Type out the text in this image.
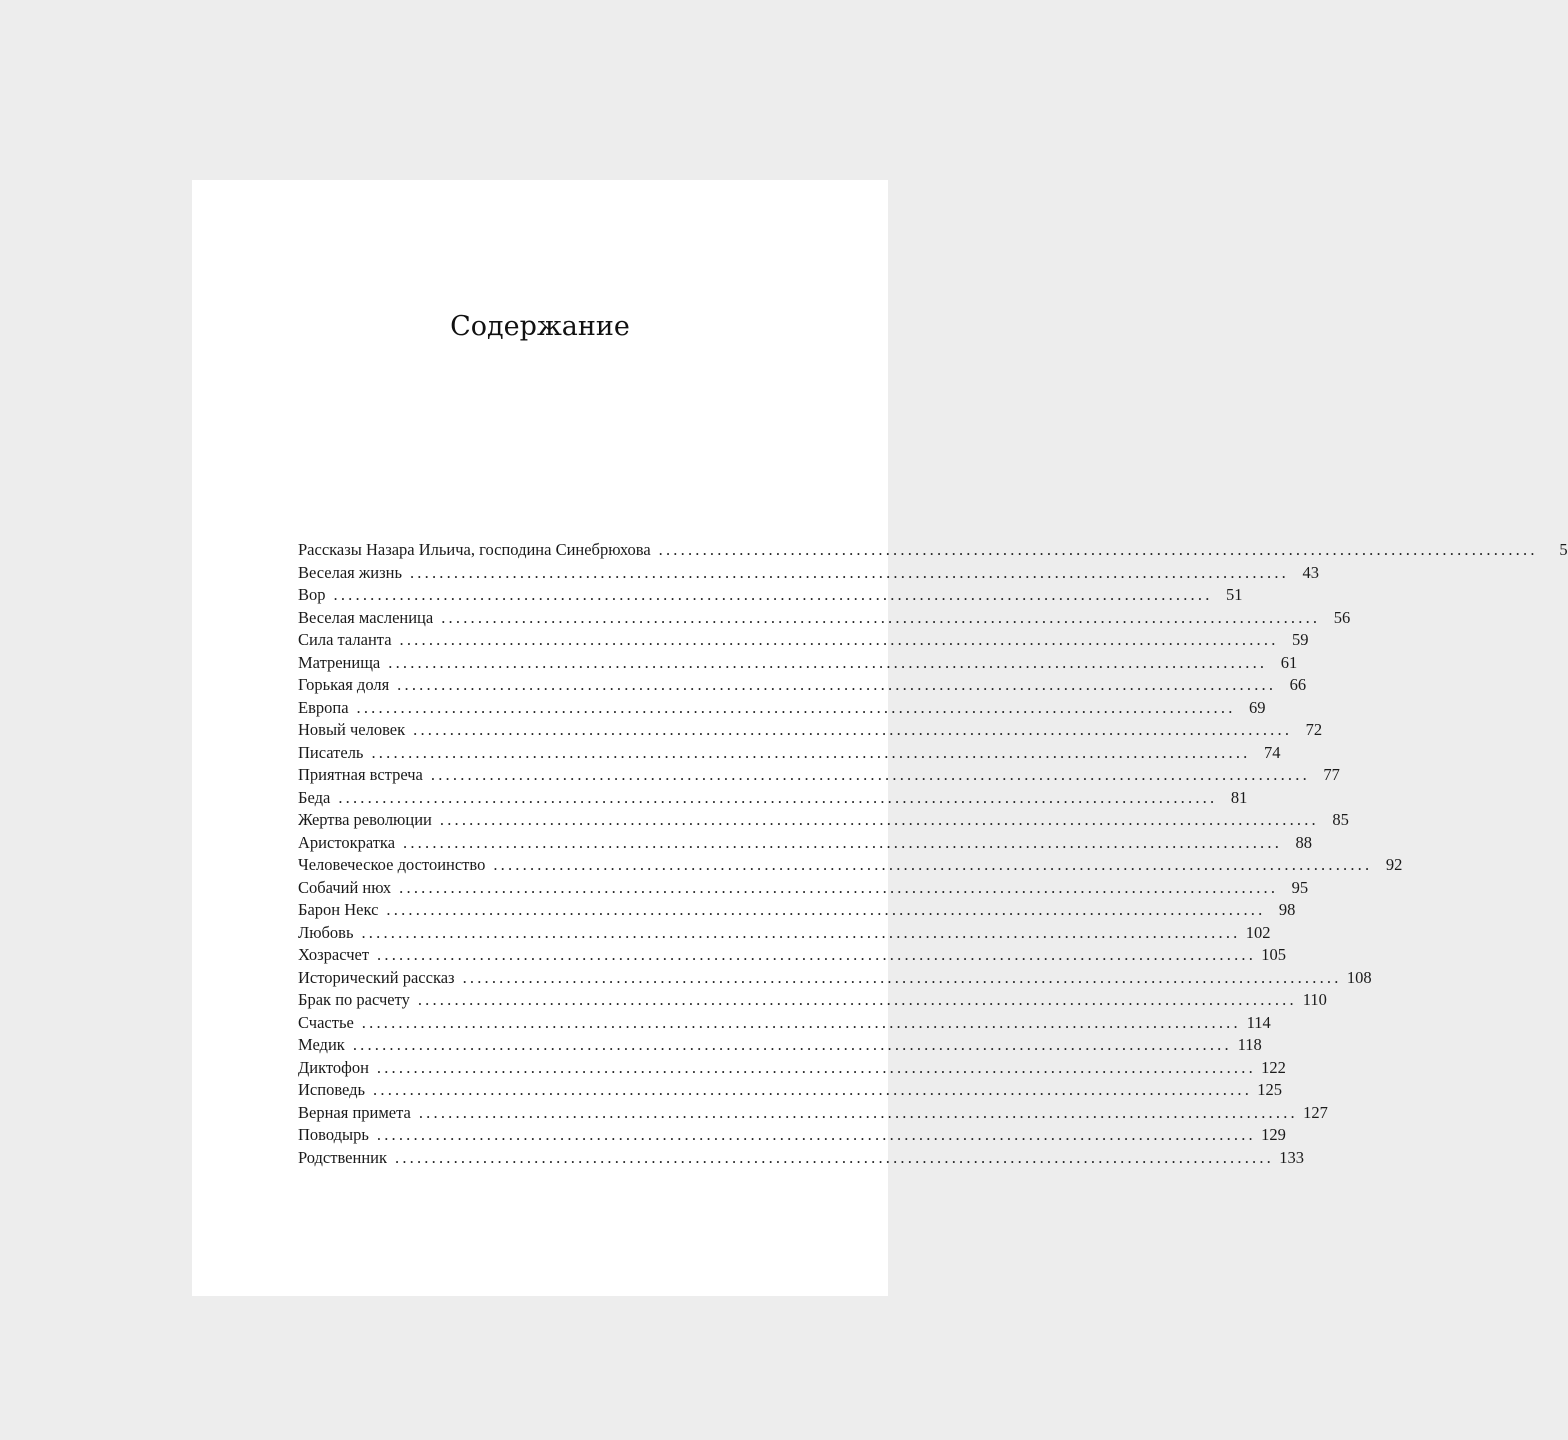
Содержание
Рассказы Назара Ильича, господина Синебрюхова ........................................................................................................................	5
Веселая жизнь ........................................................................................................................ 43
Вор ........................................................................................................................ 51
Веселая масленица ........................................................................................................................ 56
Сила таланта ........................................................................................................................ 59
Матренища ........................................................................................................................ 61
Горькая доля ........................................................................................................................ 66
Европа ........................................................................................................................ 69
Новый человек ........................................................................................................................ 72
Писатель ........................................................................................................................ 74
Приятная встреча ........................................................................................................................ 77
Беда ........................................................................................................................ 81
Жертва революции ........................................................................................................................ 85
Аристократка ........................................................................................................................ 88
Человеческое достоинство ........................................................................................................................ 92
Собачий нюх ........................................................................................................................ 95
Барон Некс ........................................................................................................................ 98
Любовь ........................................................................................................................ 102
Хозрасчет ........................................................................................................................ 105
Исторический рассказ ........................................................................................................................ 108
Брак по расчету ........................................................................................................................ 110
Счастье ........................................................................................................................ 114
Медик ........................................................................................................................ 118
Диктофон ........................................................................................................................ 122
Исповедь ........................................................................................................................ 125
Верная примета ........................................................................................................................ 127
Поводырь ........................................................................................................................ 129
Родственник ........................................................................................................................ 133
